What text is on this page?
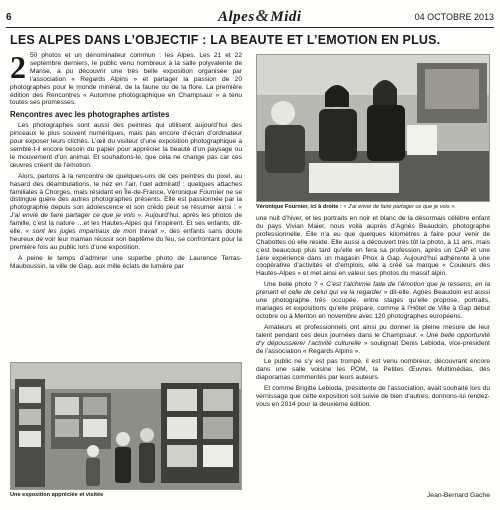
6	Alpes&Midi	04 OCTOBRE 2013
LES ALPES DANS L’OBJECTIF : LA BEAUTE ET L’EMOTION EN PLUS.

2 50 photos et un dénominateur commun : les Alpes. Les 21 et 22 septembre derniers, le public venu nombreux à la salle polyvalente de Manse, a pu découvrir une très belle exposition organisée par l’association « Regards Alpins » et partager la passion de 20 photographes pour le monde minéral, de la faune ou de la flore. La première édition des Rencontres « Automne photographique en Champsaur » a tenu toutes ses promesses.

Rencontres avec les photographes artistes

Les photographes sont aussi des peintres qui utilisent aujourd’hui des pinceaux le plus souvent numériques, mais pas encore d’écran d’ordinateur pour exposer leurs clichés. L’œil du visiteur d’une exposition photographique a semblé-t-il encore besoin du papier pour apprécier la beauté d’un paysage ou le mouvement d’un animal. Et souhaitons-le, que cela ne change pas car ces œuvres créent de l’émotion.

Alors, partons à la rencontre de quelques-uns de ces peintres du pixel, au hasard des déambulations, le nez en l’air, l’œil admiratif : quelques attaches familiales à Chorges, mais résidant en Île-de-France, Véronique Fournier ne se distingue guère des autres photographes présents. Elle est passionnée par la photographie depuis son adolescence et son crédo peut se résumer ainsi : « J’ai envie de faire partager ce que je vois ». Aujourd’hui, après les photos de famille, c’est la nature …et les Hautes-Alpes qui l’inspirent. Et ses enfants, dit-elle, « sont les juges impartiaux de mon travail », des enfants sans doute heureux de voir leur maman réussir son baptême du feu, se confrontant pour la première fois au public lors d’une exposition.

A peine le temps d’admirer une superbe photo de Laurence Terras-Mauboussin, la ville de Gap, aux mille éclats de lumière par

Véronique Fournier, ici à droite : « J’ai envie de faire partager ce que je vois ».

une nuit d’hiver, et les portraits en noir et blanc de la désormais célèbre enfant du pays Vivian Maier, nous voilà auprès d’Agnès Beaudoin, photographe professionnelle. Elle n’a eu que quelques kilomètres à faire pour venir de Chabottes où elle réside. Elle aussi a découvert très tôt la photo, à 11 ans, mais c’est beaucoup plus tard qu’elle en fera sa profession, après un CAP et une 1ère expérience dans un magasin Phox à Gap. Aujourd’hui adhérente à une coopérative d’activités et d’emplois, elle a créé sa marque « Couleurs des Hautes-Alpes » et met ainsi en valeur ses photos du massif alpin.

Une belle photo ? « C’est l’alchimie faite de l’émotion que je ressens, en la prenant et celle de celui qui va la regarder » dit-elle. Agnès Beaudoin est aussi une photographe très occupée, entre stages qu’elle propose, portraits, mariages et expositions qu’elle prépare, comme à l’Hôtel de Ville à Gap début octobre ou à Menton en novembre avec 120 photographes européens.

Amateurs et professionnels ont ainsi pu donner la pleine mesure de leur talent pendant ces deux journées dans le Champsaur. « Une belle opportunité d’y dépoussiérer l’activité culturelle » soulignait Denis Lebioda, vice-président de l’association « Regards Alpins ».

Le public ne s’y est pas trompé, il est venu nombreux, découvrant encore dans une salle voisine les POM, la Petites Œuvres Multimédias, des diaporamas commentés par leurs auteurs.

Et comme Brigitte Lebioda, présidente de l’association, avait souhaité lors du vernissage que cette exposition soit suivie de bien d’autres, donnons-lui rendez-vous en 2014 pour la deuxième édition.

Une exposition appréciée et visitée	Jean-Bernard Gache
